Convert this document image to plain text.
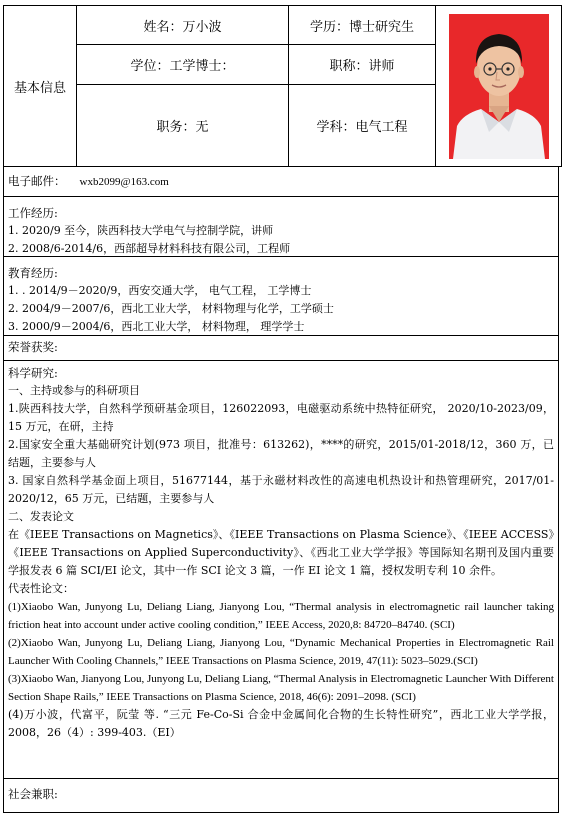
基本信息	姓名：万小波	学历：博士研究生	

	学位：工学博士：	职称：讲师	
	职务：无	学科：电气工程	
电子邮件： wxb2099@163.com
工作经历:
1. 2020/9 至今，陕西科技大学电气与控制学院，讲师
2. 2008/6-2014/6，西部超导材料科技有限公司，工程师
教育经历:
1. . 2014/9－2020/9，西安交通大学， 电气工程， 工学博士
2. 2004/9－2007/6，西北工业大学， 材料物理与化学，工学硕士
3. 2000/9－2004/6，西北工业大学， 材料物理， 理学学士
荣誉获奖:
科学研究:
一、主持或参与的科研项目
1.陕西科技大学，自然科学预研基金项目，126022093，电磁驱动系统中热特征研究， 2020/10-2023/09，15 万元，在研，主持
2.国家安全重大基础研究计划(973 项目，批准号：613262)，****的研究，2015/01-2018/12，360 万，已结题，主要参与人
3. 国家自然科学基金面上项目，51677144，基于永磁材料改性的高速电机热设计和热管理研究，2017/01-2020/12，65 万元，已结题，主要参与人
二、发表论文
在《IEEE Transactions on Magnetics》、《IEEE Transactions on Plasma Science》、《IEEE ACCESS》《IEEE Transactions on Applied Superconductivity》、《西北工业大学学报》等国际知名期刊及国内重要学报发表 6 篇 SCI/EI 论文，其中一作 SCI 论文 3 篇，一作 EI 论文 1 篇，授权发明专利 10 余件。
代表性论文：
(1)Xiaobo Wan, Junyong Lu, Deliang Liang, Jianyong Lou, “Thermal analysis in electromagnetic rail launcher taking friction heat into account under active cooling condition,” IEEE Access, 2020,8: 84720–84740. (SCI)
(2)Xiaobo Wan, Junyong Lu, Deliang Liang, Jianyong Lou, “Dynamic Mechanical Properties in Electromagnetic Rail Launcher With Cooling Channels,” IEEE Transactions on Plasma Science, 2019, 47(11): 5023–5029.(SCI)
(3)Xiaobo Wan, Jianyong Lou, Junyong Lu, Deliang Liang, “Thermal Analysis in Electromagnetic Launcher With Different Section Shape Rails,” IEEE Transactions on Plasma Science, 2018, 46(6): 2091–2098. (SCI)
(4)万小波，代富平，阮莹 等. “三元 Fe-Co-Si 合金中金属间化合物的生长特性研究”，西北工业大学学报，2008，26（4）: 399-403.（EI）
社会兼职:
